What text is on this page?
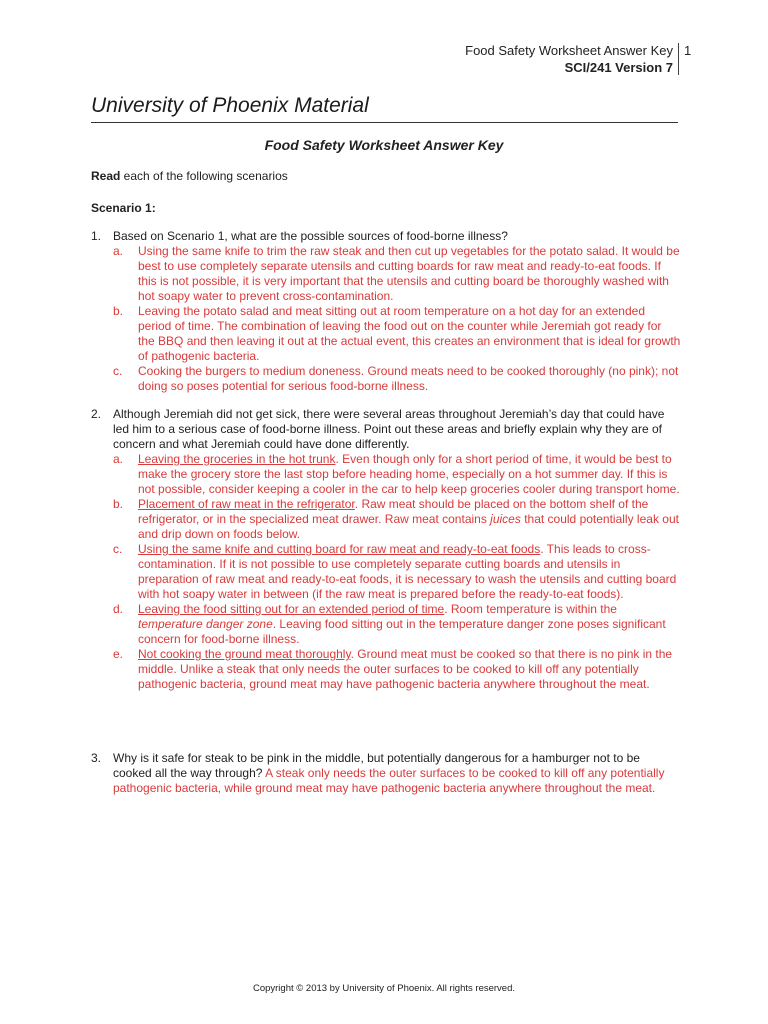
Food Safety Worksheet Answer Key
SCI/241 Version 7
1
University of Phoenix Material
Food Safety Worksheet Answer Key
Read each of the following scenarios
Scenario 1:
1. Based on Scenario 1, what are the possible sources of food-borne illness?
a.	Using the same knife to trim the raw steak and then cut up vegetables for the potato salad. It would be best to use completely separate utensils and cutting boards for raw meat and ready-to-eat foods. If this is not possible, it is very important that the utensils and cutting board be thoroughly washed with hot soapy water to prevent cross-contamination.
b.	Leaving the potato salad and meat sitting out at room temperature on a hot day for an extended period of time. The combination of leaving the food out on the counter while Jeremiah got ready for the BBQ and then leaving it out at the actual event, this creates an environment that is ideal for growth of pathogenic bacteria.
c.	Cooking the burgers to medium doneness. Ground meats need to be cooked thoroughly (no pink); not doing so poses potential for serious food-borne illness.
2. Although Jeremiah did not get sick, there were several areas throughout Jeremiah’s day that could have led him to a serious case of food-borne illness. Point out these areas and briefly explain why they are of concern and what Jeremiah could have done differently.
a.	Leaving the groceries in the hot trunk. Even though only for a short period of time, it would be best to make the grocery store the last stop before heading home, especially on a hot summer day. If this is not possible, consider keeping a cooler in the car to help keep groceries cooler during transport home.
b.	Placement of raw meat in the refrigerator. Raw meat should be placed on the bottom shelf of the refrigerator, or in the specialized meat drawer. Raw meat contains juices that could potentially leak out and drip down on foods below.
c.	Using the same knife and cutting board for raw meat and ready-to-eat foods. This leads to cross-contamination. If it is not possible to use completely separate cutting boards and utensils in preparation of raw meat and ready-to-eat foods, it is necessary to wash the utensils and cutting board with hot soapy water in between (if the raw meat is prepared before the ready-to-eat foods).
d.	Leaving the food sitting out for an extended period of time. Room temperature is within the temperature danger zone. Leaving food sitting out in the temperature danger zone poses significant concern for food-borne illness.
e.	Not cooking the ground meat thoroughly. Ground meat must be cooked so that there is no pink in the middle. Unlike a steak that only needs the outer surfaces to be cooked to kill off any potentially pathogenic bacteria, ground meat may have pathogenic bacteria anywhere throughout the meat.
3. Why is it safe for steak to be pink in the middle, but potentially dangerous for a hamburger not to be cooked all the way through? A steak only needs the outer surfaces to be cooked to kill off any potentially pathogenic bacteria, while ground meat may have pathogenic bacteria anywhere throughout the meat.
Copyright © 2013 by University of Phoenix. All rights reserved.
